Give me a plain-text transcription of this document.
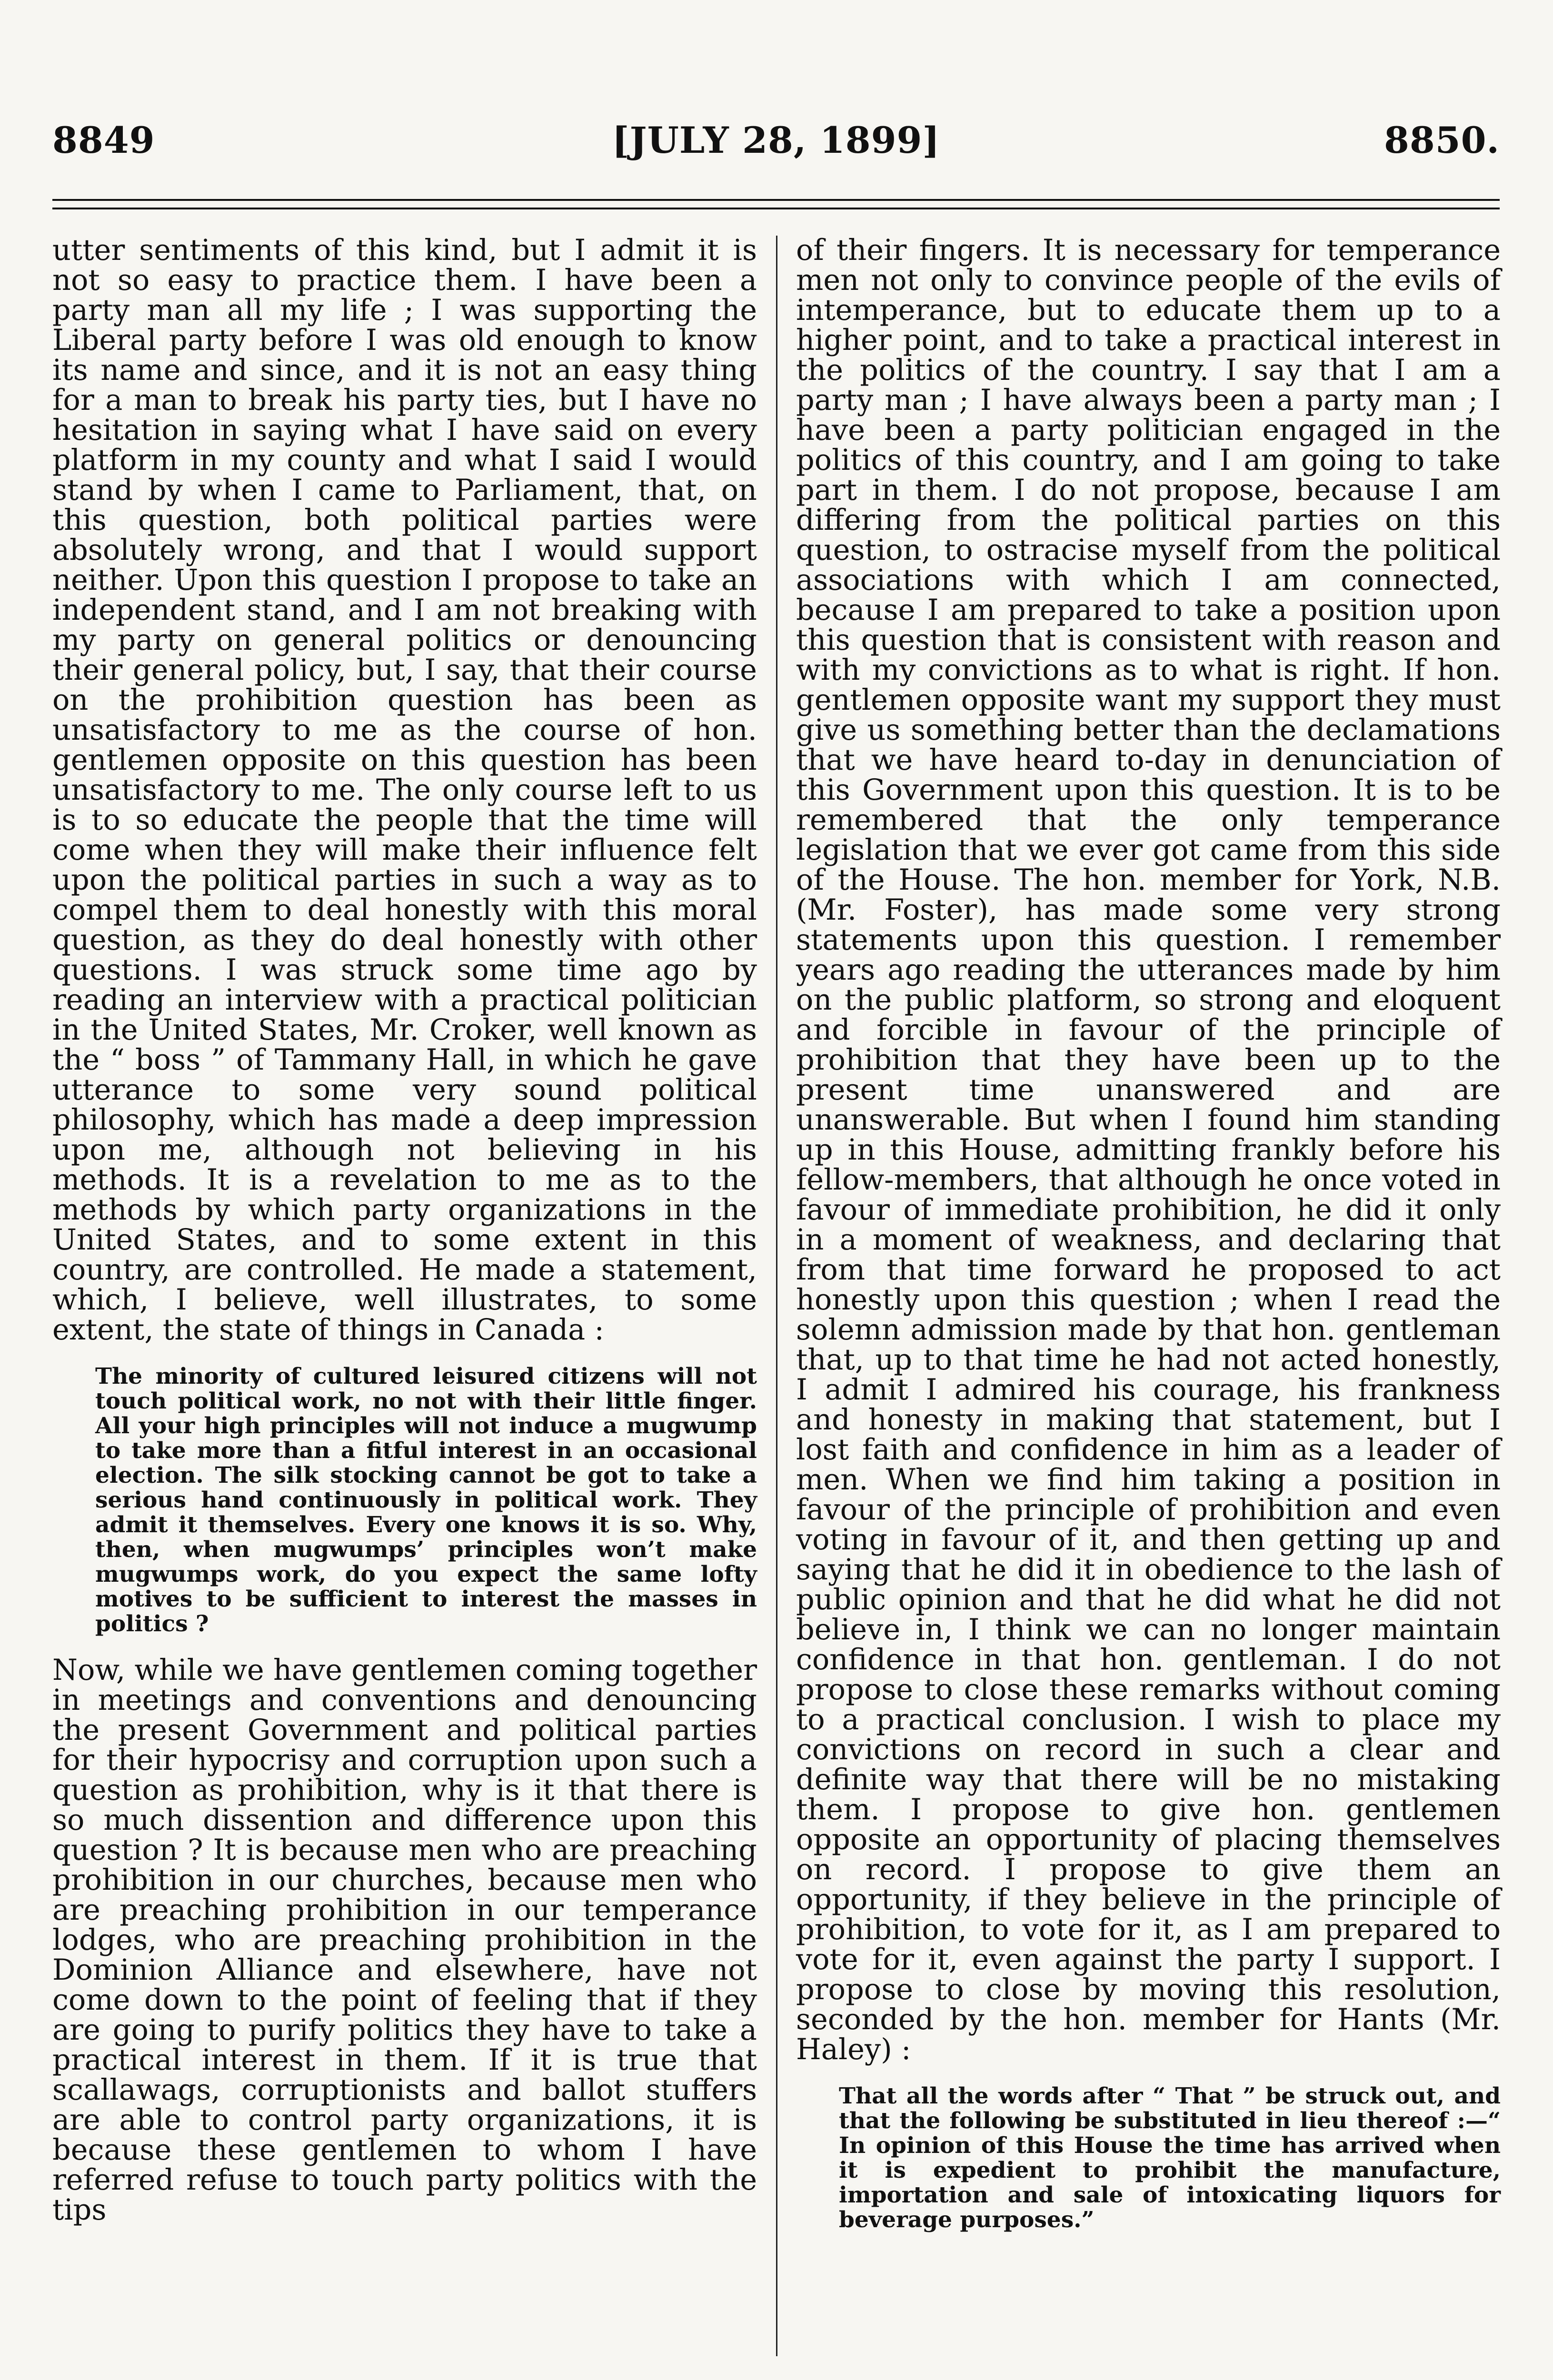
8849	[JULY 28, 1899]	8850.

utter sentiments of this kind, but I admit it is not so easy to practice them. I have been a party man all my life ; I was supporting the Liberal party before I was old enough to know its name and since, and it is not an easy thing for a man to break his party ties, but I have no hesitation in saying what I have said on every platform in my county and what I said I would stand by when I came to Parliament, that, on this question, both political parties were absolutely wrong, and that I would support neither. Upon this question I propose to take an independent stand, and I am not breaking with my party on general politics or denouncing their general policy, but, I say, that their course on the prohibition question has been as unsatisfactory to me as the course of hon. gentlemen opposite on this question has been unsatisfactory to me. The only course left to us is to so educate the people that the time will come when they will make their influence felt upon the political parties in such a way as to compel them to deal honestly with this moral question, as they do deal honestly with other questions. I was struck some time ago by reading an interview with a practical politician in the United States, Mr. Croker, well known as the “ boss ” of Tammany Hall, in which he gave utterance to some very sound political philosophy, which has made a deep impression upon me, although not believing in his methods. It is a revelation to me as to the methods by which party organizations in the United States, and to some extent in this country, are controlled. He made a statement, which, I believe, well illustrates, to some extent, the state of things in Canada :

The minority of cultured leisured citizens will not touch political work, no not with their little finger. All your high principles will not induce a mugwump to take more than a fitful interest in an occasional election. The silk stocking cannot be got to take a serious hand continuously in political work. They admit it themselves. Every one knows it is so. Why, then, when mugwumps’ principles won’t make mugwumps work, do you expect the same lofty motives to be sufficient to interest the masses in politics ?

Now, while we have gentlemen coming together in meetings and conventions and denouncing the present Government and political parties for their hypocrisy and corruption upon such a question as prohibition, why is it that there is so much dissention and difference upon this question ? It is because men who are preaching prohibition in our churches, because men who are preaching prohibition in our temperance lodges, who are preaching prohibition in the Dominion Alliance and elsewhere, have not come down to the point of feeling that if they are going to purify politics they have to take a practical interest in them. If it is true that scallawags, corruptionists and ballot stuffers are able to control party organizations, it is because these gentlemen to whom I have referred refuse to touch party politics with the tips

of their fingers. It is necessary for temperance men not only to convince people of the evils of intemperance, but to educate them up to a higher point, and to take a practical interest in the politics of the country. I say that I am a party man ; I have always been a party man ; I have been a party politician engaged in the politics of this country, and I am going to take part in them. I do not propose, because I am differing from the political parties on this question, to ostracise myself from the political associations with which I am connected, because I am prepared to take a position upon this question that is consistent with reason and with my convictions as to what is right. If hon. gentlemen opposite want my support they must give us something better than the declamations that we have heard to-day in denunciation of this Government upon this question. It is to be remembered that the only temperance legislation that we ever got came from this side of the House. The hon. member for York, N.B. (Mr. Foster), has made some very strong statements upon this question. I remember years ago reading the utterances made by him on the public platform, so strong and eloquent and forcible in favour of the principle of prohibition that they have been up to the present time unanswered and are unanswerable. But when I found him standing up in this House, admitting frankly before his fellow-members, that although he once voted in favour of immediate prohibition, he did it only in a moment of weakness, and declaring that from that time forward he proposed to act honestly upon this question ; when I read the solemn admission made by that hon. gentleman that, up to that time he had not acted honestly, I admit I admired his courage, his frankness and honesty in making that statement, but I lost faith and confidence in him as a leader of men. When we find him taking a position in favour of the principle of prohibition and even voting in favour of it, and then getting up and saying that he did it in obedience to the lash of public opinion and that he did what he did not believe in, I think we can no longer maintain confidence in that hon. gentleman. I do not propose to close these remarks without coming to a practical conclusion. I wish to place my convictions on record in such a clear and definite way that there will be no mistaking them. I propose to give hon. gentlemen opposite an opportunity of placing themselves on record. I propose to give them an opportunity, if they believe in the principle of prohibition, to vote for it, as I am prepared to vote for it, even against the party I support. I propose to close by moving this resolution, seconded by the hon. member for Hants (Mr. Haley) :

That all the words after “ That ” be struck out, and that the following be substituted in lieu thereof :—“ In opinion of this House the time has arrived when it is expedient to prohibit the manufacture, importation and sale of intoxicating liquors for beverage purposes.”
